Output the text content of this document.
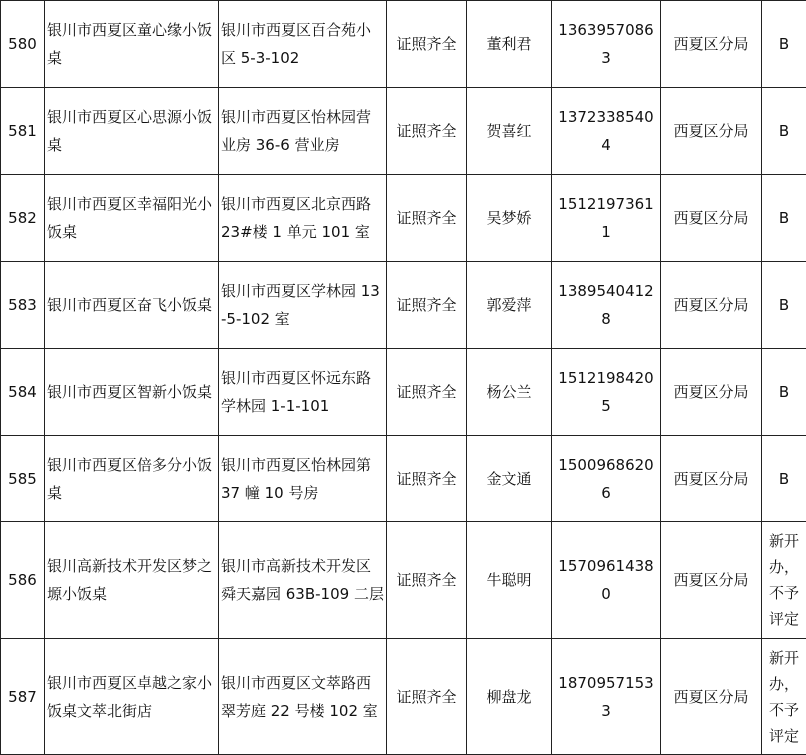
580	银川市西夏区童心缘小饭桌	银川市西夏区百合苑小区 5-3-102	证照齐全	董利君	13639570863	西夏区分局	B
581	银川市西夏区心思源小饭桌	银川市西夏区怡林园营业房 36-6 营业房	证照齐全	贺喜红	13723385404	西夏区分局	B
582	银川市西夏区幸福阳光小饭桌	银川市西夏区北京西路 23#楼 1 单元 101 室	证照齐全	吴梦娇	15121973611	西夏区分局	B
583	银川市西夏区奋飞小饭桌	银川市西夏区学林园 13-5-102 室	证照齐全	郭爱萍	13895404128	西夏区分局	B
584	银川市西夏区智新小饭桌	银川市西夏区怀远东路学林园 1-1-101	证照齐全	杨公兰	15121984205	西夏区分局	B
585	银川市西夏区倍多分小饭桌	银川市西夏区怡林园第 37 幢 10 号房	证照齐全	金文通	15009686206	西夏区分局	B
586	银川高新技术开发区梦之塬小饭桌	银川市高新技术开发区舜天嘉园 63B-109 二层	证照齐全	牛聪明	15709614380	西夏区分局	新开办，不予评定
587	银川市西夏区卓越之家小饭桌文萃北街店	银川市西夏区文萃路西翠芳庭 22 号楼 102 室	证照齐全	柳盘龙	18709571533	西夏区分局	新开办，不予评定
